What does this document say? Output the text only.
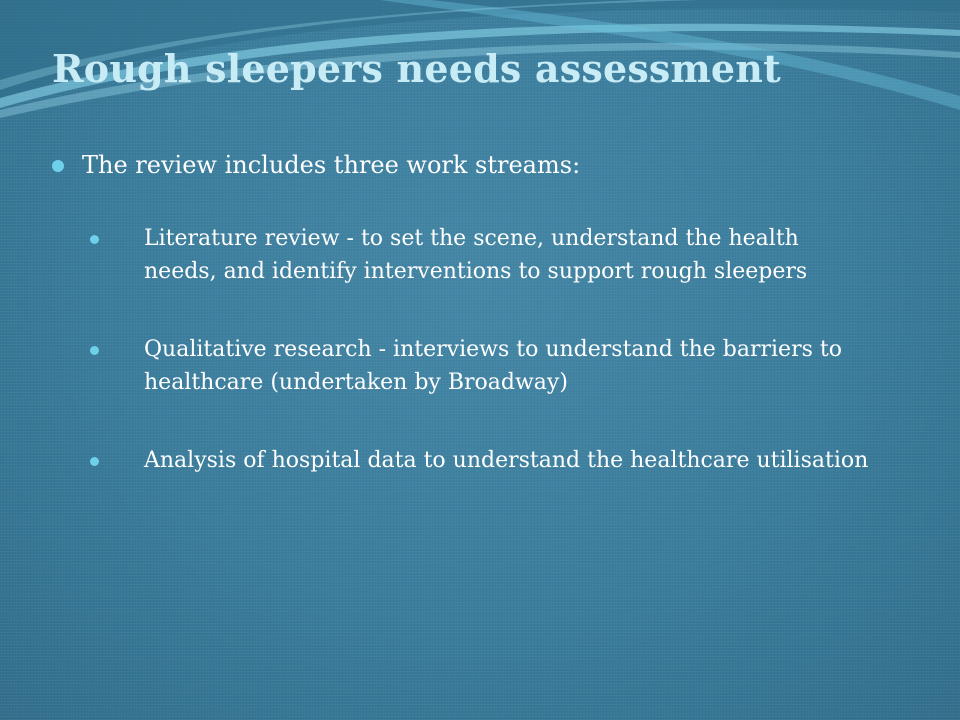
Rough sleepers needs assessment
The review includes three work streams:
Literature review - to set the scene, understand the health needs, and identify interventions to support rough sleepers
Qualitative research - interviews to understand the barriers to healthcare (undertaken by Broadway)
Analysis of hospital data to understand the healthcare utilisation
